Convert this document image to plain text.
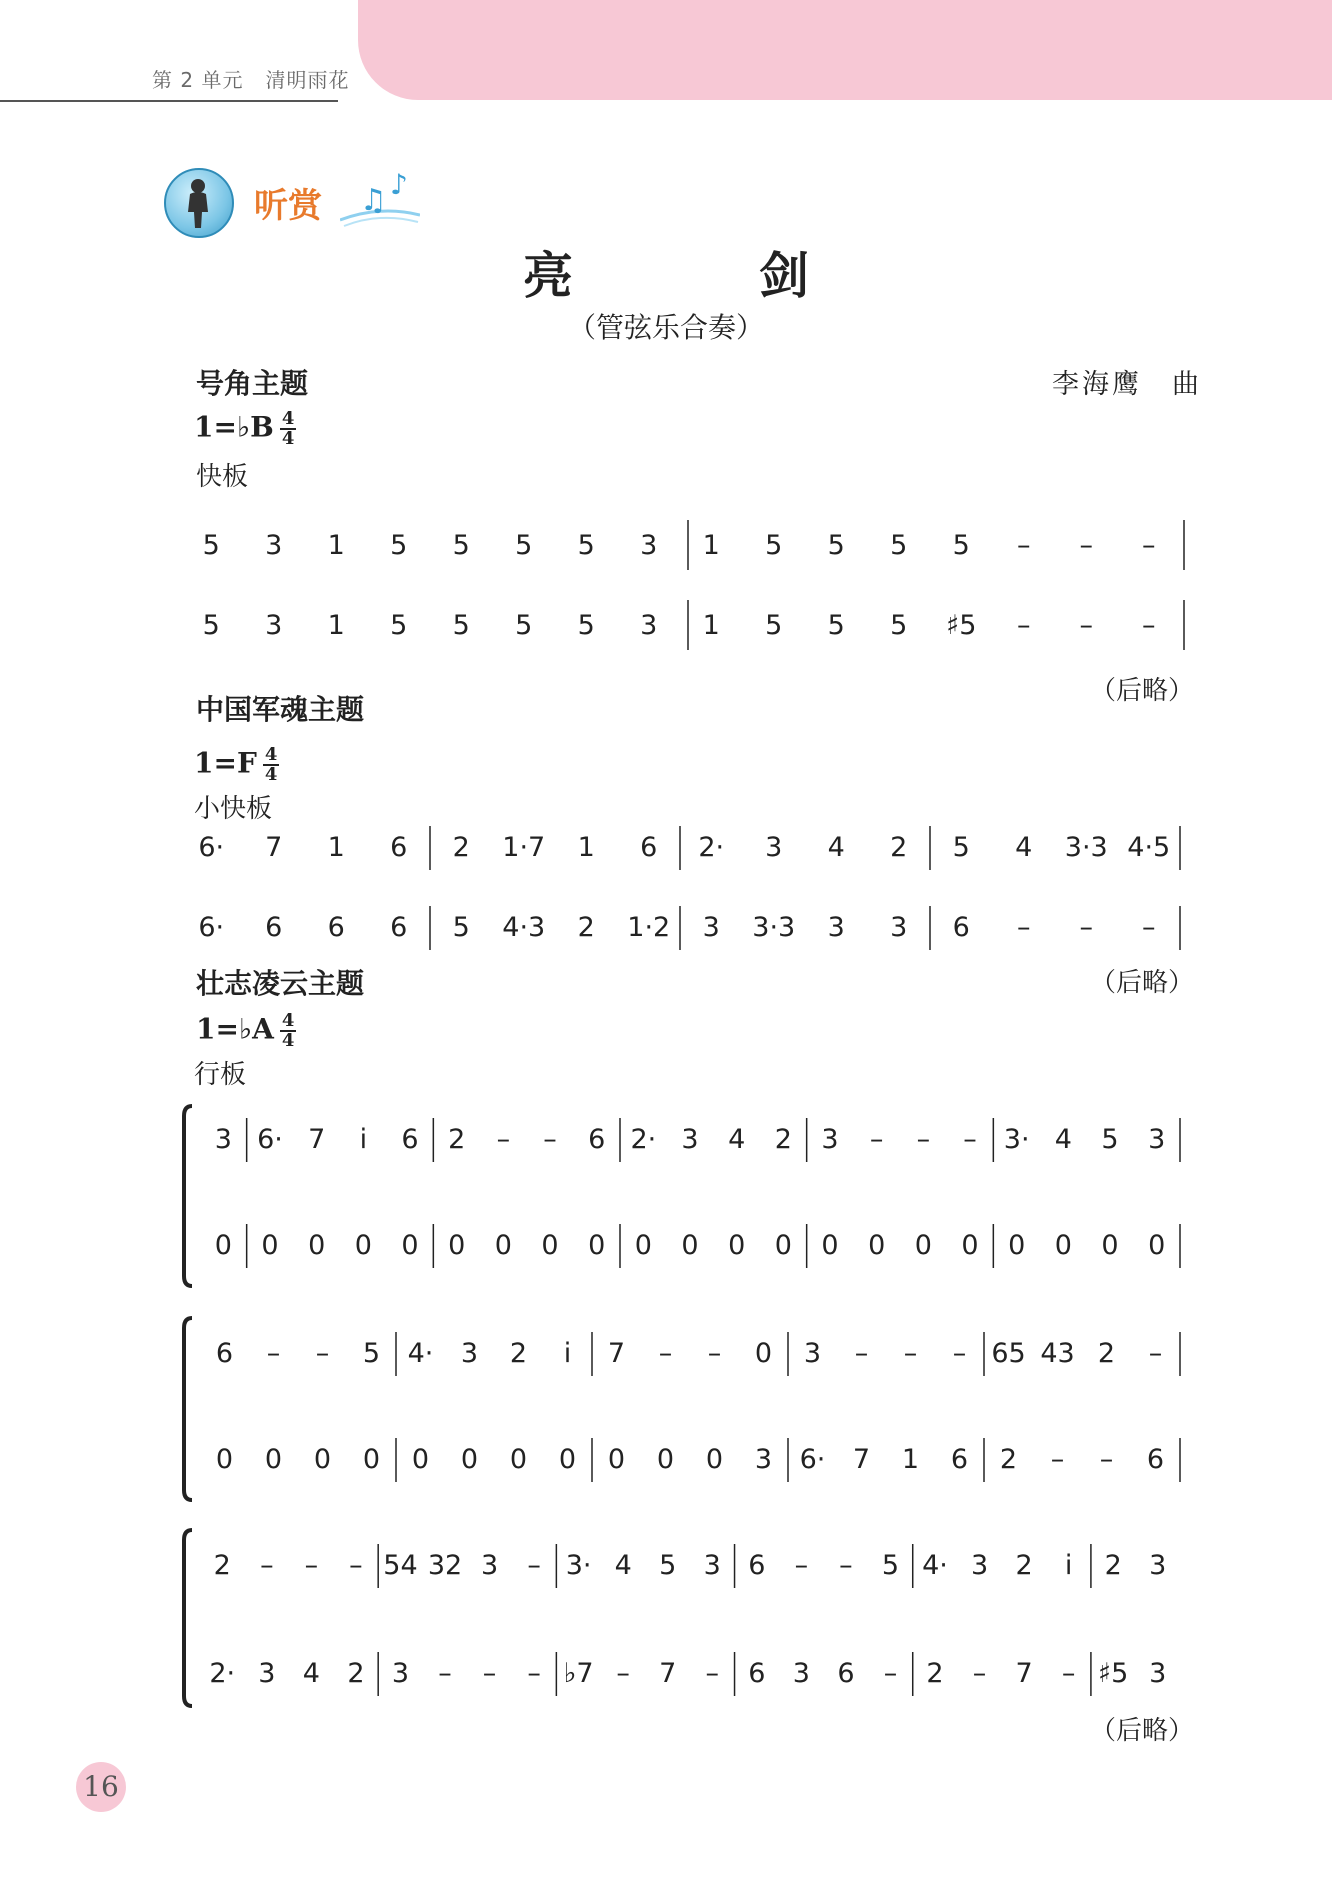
第 2 单元 清明雨花
听赏 ♫ ♪
亮　剑
（管弦乐合奏）
号角主题	李海鹰　曲
1=♭B $\frac{4}{4}$
快板
5 3 1 5 5 5 5 3 1 5 5 5 5 – – –
5 3 1 5 5 5 5 3 1 5 5 5 ♯5 – – –
（后略）
中国军魂主题
$1=F \frac{4}{4}$
小快板
6· 7 1 6 2 1·7 1 6 2· 3 4 2 5 4 3·3 4·5
6· 6 6 6 5 4·3 2 1·2 3 3·3 3 3 6 – – –
壮志凌云主题	（后略）
1=♭A $\frac{4}{4}$
行板
3 6· 7 i 6 2 – – 6 2· 3 4 2 3 – – – 3· 4 5 3
0 0 0 0 0 0 0 0 0 0 0 0 0 0 0 0 0 0 0 0 0
6 – – 5 4· 3 2 i 7 – – 0 3 – – – 65 43 2 –
0 0 0 0 0 0 0 0 0 0 0 3 6· 7 1 6 2 – – 6
2 – – – 54 32 3 – 3· 4 5 3 6 – – 5 4· 3 2 i 2 3
2· 3 4 2 3 – – – ♭7 – 7 – 6 3 6 – 2 – 7 – ♯5 3
（后略）
16
